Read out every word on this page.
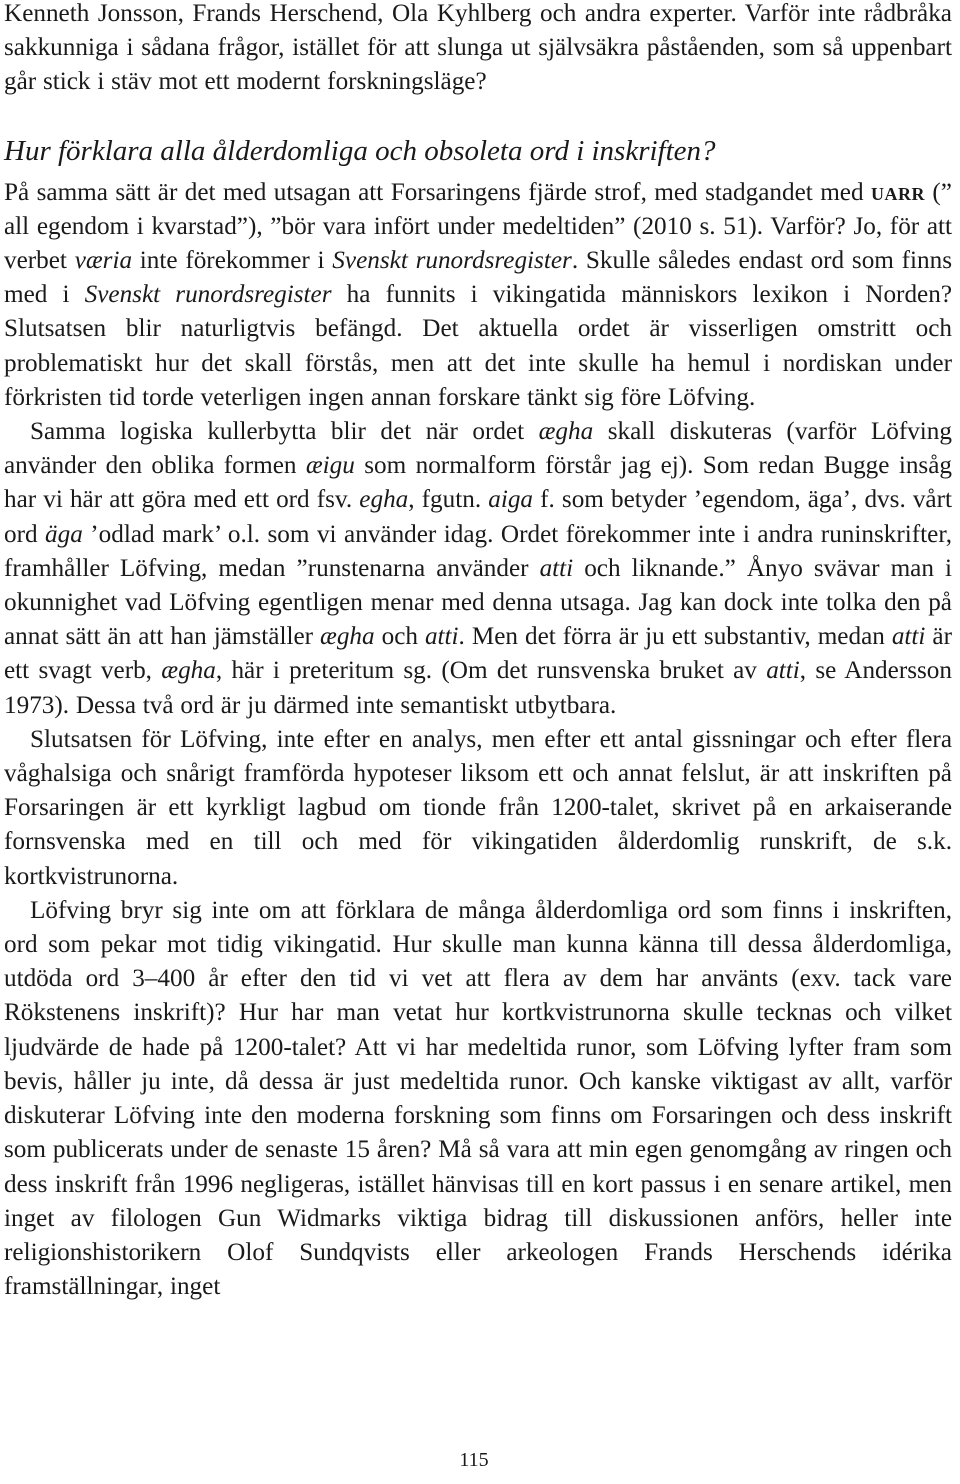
Kenneth Jonsson, Frands Herschend, Ola Kyhlberg och andra experter. Varför inte rådbråka sakkunniga i sådana frågor, istället för att slunga ut självsäkra påståenden, som så uppenbart går stick i stäv mot ett modernt forskningsläge?

Hur förklara alla ålderdomliga och obsoleta ord i inskriften?

På samma sätt är det med utsagan att Forsaringens fjärde strof, med stadgandet med uarr (” all egendom i kvarstad”), ”bör vara infört under medeltiden” (2010 s. 51). Varför? Jo, för att verbet væria inte förekommer i Svenskt runordsregister. Skulle således endast ord som finns med i Svenskt runordsregister ha funnits i vikingatida människors lexikon i Norden? Slutsatsen blir naturligtvis befängd. Det aktuella ordet är visserligen omstritt och problematiskt hur det skall förstås, men att det inte skulle ha hemul i nordiskan under förkristen tid torde veterligen ingen annan forskare tänkt sig före Löfving.

Samma logiska kullerbytta blir det när ordet ægha skall diskuteras (varför Löfving använder den oblika formen æigu som normalform förstår jag ej). Som redan Bugge insåg har vi här att göra med ett ord fsv. egha, fgutn. aiga f. som betyder ’egendom, äga’, dvs. vårt ord äga ’odlad mark’ o.l. som vi använder idag. Ordet förekommer inte i andra runinskrifter, framhåller Löfving, medan ”runstenarna använder atti och liknande.” Ånyo svävar man i okunnighet vad Löfving egentligen menar med denna utsaga. Jag kan dock inte tolka den på annat sätt än att han jämställer ægha och atti. Men det förra är ju ett substantiv, medan atti är ett svagt verb, ægha, här i preteritum sg. (Om det runsvenska bruket av atti, se Andersson 1973). Dessa två ord är ju därmed inte semantiskt utbytbara.

Slutsatsen för Löfving, inte efter en analys, men efter ett antal gissningar och efter flera våghalsiga och snårigt framförda hypoteser liksom ett och annat felslut, är att inskriften på Forsaringen är ett kyrkligt lagbud om tionde från 1200-talet, skrivet på en arkaiserande fornsvenska med en till och med för vikingatiden ålderdomlig runskrift, de s.k. kortkvistrunorna.

Löfving bryr sig inte om att förklara de många ålderdomliga ord som finns i inskriften, ord som pekar mot tidig vikingatid. Hur skulle man kunna känna till dessa ålderdomliga, utdöda ord 3–400 år efter den tid vi vet att flera av dem har använts (exv. tack vare Rökstenens inskrift)? Hur har man vetat hur kortkvistrunorna skulle tecknas och vilket ljudvärde de hade på 1200-talet? Att vi har medeltida runor, som Löfving lyfter fram som bevis, håller ju inte, då dessa är just medeltida runor. Och kanske viktigast av allt, varför diskuterar Löfving inte den moderna forskning som finns om Forsaringen och dess inskrift som publicerats under de senaste 15 åren? Må så vara att min egen genomgång av ringen och dess inskrift från 1996 negligeras, istället hänvisas till en kort passus i en senare artikel, men inget av filologen Gun Widmarks viktiga bidrag till diskussionen anförs, heller inte religionshistorikern Olof Sundqvists eller arkeologen Frands Herschends idérika framställningar, inget

115
